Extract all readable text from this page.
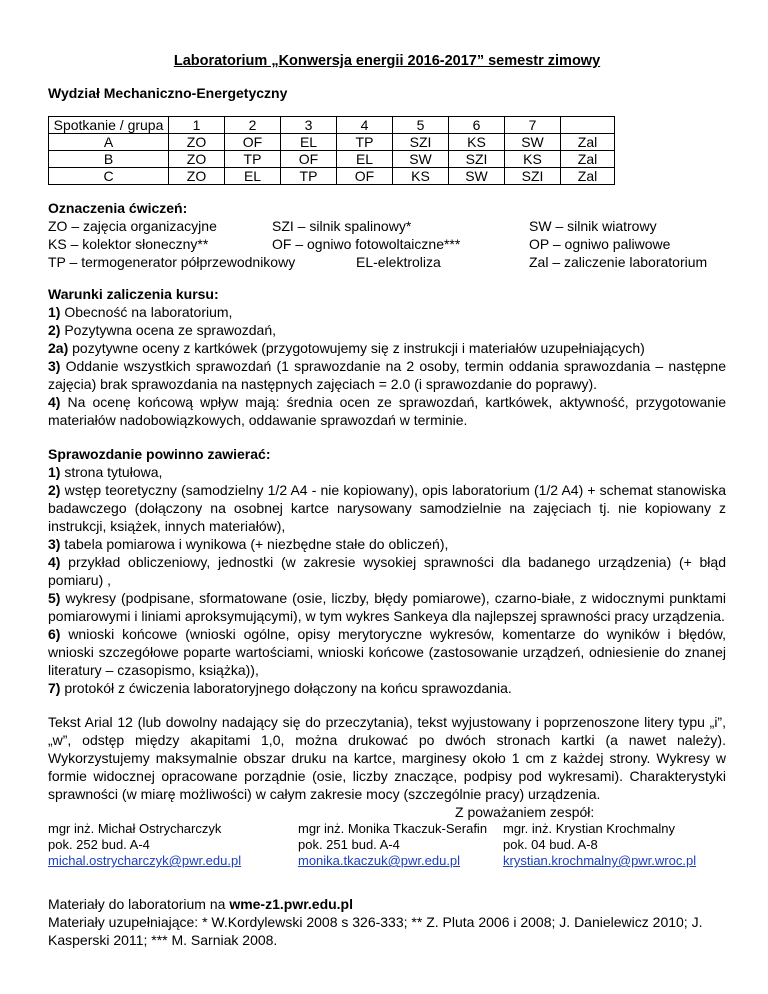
Laboratorium „Konwersja energii 2016-2017” semestr zimowy
Wydział Mechaniczno-Energetyczny
Spotkanie / grupa	1	2	3	4	5	6	7	
A	ZO	OF	EL	TP	SZI	KS	SW	Zal
B	ZO	TP	OF	EL	SW	SZI	KS	Zal
C	ZO	EL	TP	OF	KS	SW	SZI	Zal
Oznaczenia ćwiczeń:
ZO – zajęcia organizacyjne	SZI – silnik spalinowy*	SW – silnik wiatrowy
KS – kolektor słoneczny**	OF – ogniwo fotowoltaiczne***	OP – ogniwo paliwowe
TP – termogenerator półprzewodnikowy	EL-elektroliza	Zal – zaliczenie laboratorium
Warunki zaliczenia kursu:
1) Obecność na laboratorium,
2) Pozytywna ocena ze sprawozdań,
2a) pozytywne oceny z kartkówek (przygotowujemy się z instrukcji i materiałów uzupełniających)
3) Oddanie wszystkich sprawozdań (1 sprawozdanie na 2 osoby, termin oddania sprawozdania – następne zajęcia) brak sprawozdania na następnych zajęciach = 2.0 (i sprawozdanie do poprawy).
4) Na ocenę końcową wpływ mają: średnia ocen ze sprawozdań, kartkówek, aktywność, przygotowanie materiałów nadobowiązkowych, oddawanie sprawozdań w terminie.
Sprawozdanie powinno zawierać:
1) strona tytułowa,
2) wstęp teoretyczny (samodzielny 1/2 A4 - nie kopiowany), opis laboratorium (1/2 A4) + schemat stanowiska badawczego (dołączony na osobnej kartce narysowany samodzielnie na zajęciach tj. nie kopiowany z instrukcji, książek, innych materiałów),
3) tabela pomiarowa i wynikowa (+ niezbędne stałe do obliczeń),
4) przykład obliczeniowy, jednostki (w zakresie wysokiej sprawności dla badanego urządzenia) (+ błąd pomiaru) ,
5) wykresy (podpisane, sformatowane (osie, liczby, błędy pomiarowe), czarno-białe, z widocznymi punktami pomiarowymi i liniami aproksymującymi), w tym wykres Sankeya dla najlepszej sprawności pracy urządzenia.
6) wnioski końcowe (wnioski ogólne, opisy merytoryczne wykresów, komentarze do wyników i błędów, wnioski szczegółowe poparte wartościami, wnioski końcowe (zastosowanie urządzeń, odniesienie do znanej literatury – czasopismo, książka)),
7) protokół z ćwiczenia laboratoryjnego dołączony na końcu sprawozdania.
Tekst Arial 12 (lub dowolny nadający się do przeczytania), tekst wyjustowany i poprzenoszone litery typu „i”, „w”, odstęp między akapitami 1,0, można drukować po dwóch stronach kartki (a nawet należy). Wykorzystujemy maksymalnie obszar druku na kartce, marginesy około 1 cm z każdej strony. Wykresy w formie widocznej opracowane porządnie (osie, liczby znaczące, podpisy pod wykresami). Charakterystyki sprawności (w miarę możliwości) w całym zakresie mocy (szczególnie pracy) urządzenia.
Z poważaniem zespół:
mgr inż. Michał Ostrycharczyk
pok. 252 bud. A-4
michal.ostrycharczyk@pwr.edu.pl
mgr inż. Monika Tkaczuk-Serafin
pok. 251 bud. A-4
monika.tkaczuk@pwr.edu.pl
mgr. inż. Krystian Krochmalny
pok. 04 bud. A-8
krystian.krochmalny@pwr.wroc.pl
Materiały do laboratorium na wme-z1.pwr.edu.pl
Materiały uzupełniające: * W.Kordylewski 2008 s 326-333; ** Z. Pluta 2006 i 2008; J. Danielewicz 2010; J. Kasperski 2011; *** M. Sarniak 2008.
